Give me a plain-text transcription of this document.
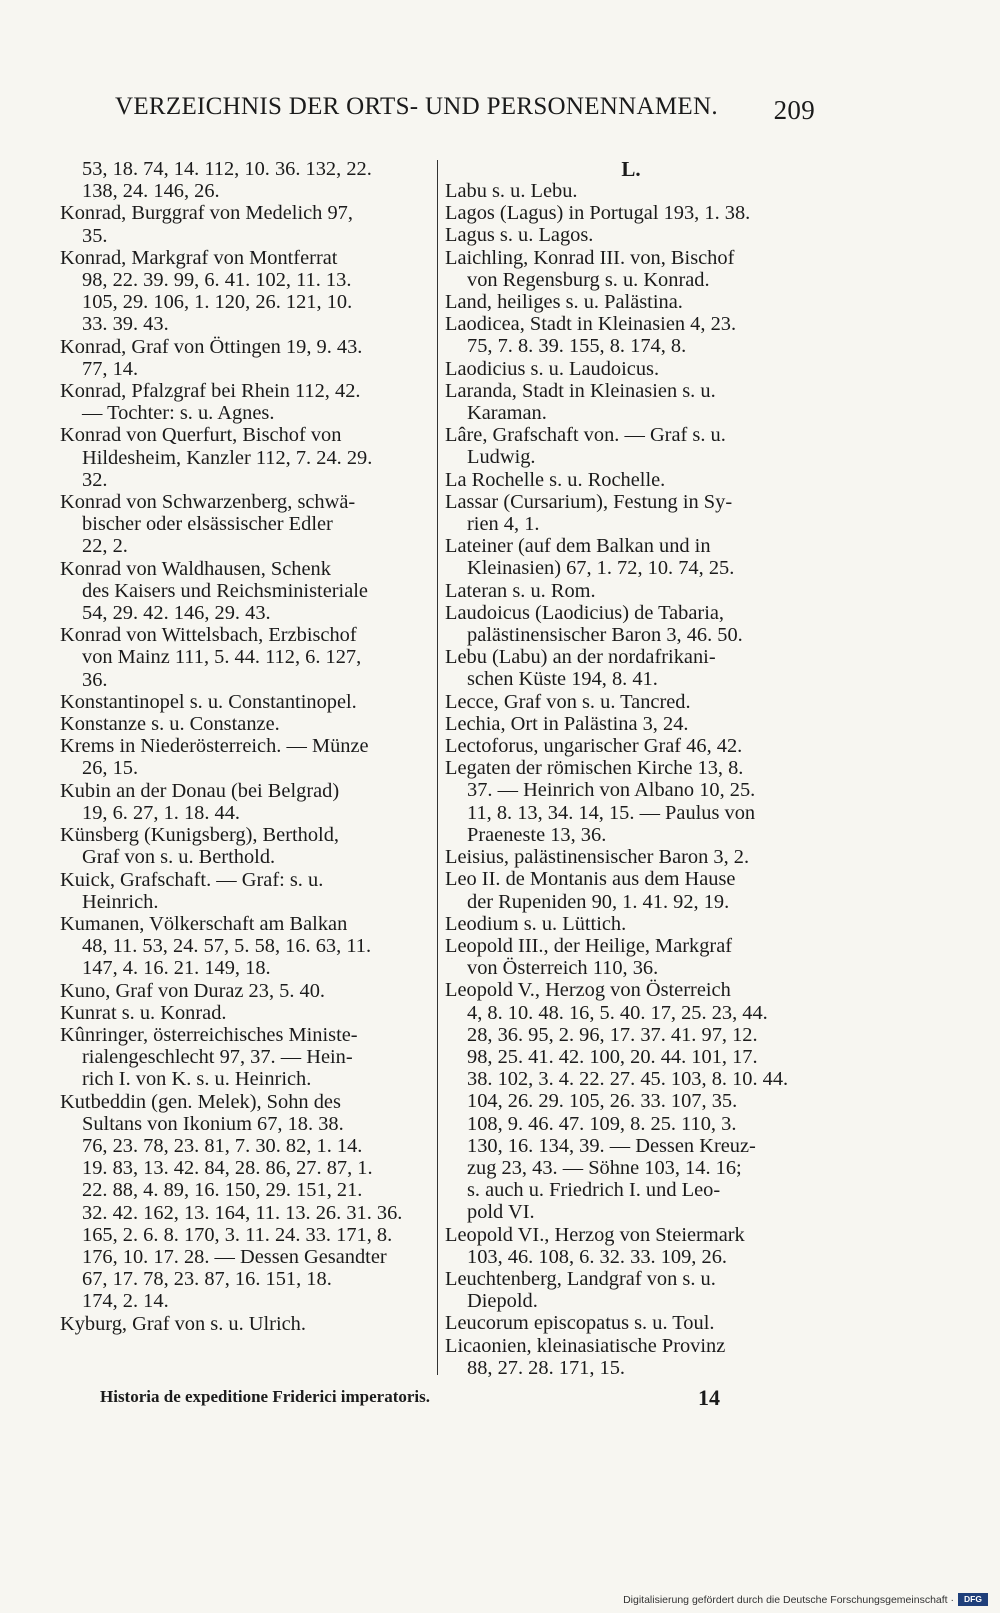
VERZEICHNIS DER ORTS- UND PERSONENNAMEN. 209
53, 18. 74, 14. 112, 10. 36. 132, 22.
138, 24. 146, 26.
Konrad, Burggraf von Medelich 97,
35.
Konrad, Markgraf von Montferrat
98, 22. 39. 99, 6. 41. 102, 11. 13.
105, 29. 106, 1. 120, 26. 121, 10.
33. 39. 43.
Konrad, Graf von Öttingen 19, 9. 43.
77, 14.
Konrad, Pfalzgraf bei Rhein 112, 42.
— Tochter: s. u. Agnes.
Konrad von Querfurt, Bischof von
Hildesheim, Kanzler 112, 7. 24. 29.
32.
Konrad von Schwarzenberg, schwä-
bischer oder elsässischer Edler
22, 2.
Konrad von Waldhausen, Schenk
des Kaisers und Reichsministeriale
54, 29. 42. 146, 29. 43.
Konrad von Wittelsbach, Erzbischof
von Mainz 111, 5. 44. 112, 6. 127,
36.
Konstantinopel s. u. Constantinopel.
Konstanze s. u. Constanze.
Krems in Niederösterreich. — Münze
26, 15.
Kubin an der Donau (bei Belgrad)
19, 6. 27, 1. 18. 44.
Künsberg (Kunigsberg), Berthold,
Graf von s. u. Berthold.
Kuick, Grafschaft. — Graf: s. u.
Heinrich.
Kumanen, Völkerschaft am Balkan
48, 11. 53, 24. 57, 5. 58, 16. 63, 11.
147, 4. 16. 21. 149, 18.
Kuno, Graf von Duraz 23, 5. 40.
Kunrat s. u. Konrad.
Kûnringer, österreichisches Ministe-
rialengeschlecht 97, 37. — Hein-
rich I. von K. s. u. Heinrich.
Kutbeddin (gen. Melek), Sohn des
Sultans von Ikonium 67, 18. 38.
76, 23. 78, 23. 81, 7. 30. 82, 1. 14.
19. 83, 13. 42. 84, 28. 86, 27. 87, 1.
22. 88, 4. 89, 16. 150, 29. 151, 21.
32. 42. 162, 13. 164, 11. 13. 26. 31. 36.
165, 2. 6. 8. 170, 3. 11. 24. 33. 171, 8.
176, 10. 17. 28. — Dessen Gesandter
67, 17. 78, 23. 87, 16. 151, 18.
174, 2. 14.
Kyburg, Graf von s. u. Ulrich.
L.
Labu s. u. Lebu.
Lagos (Lagus) in Portugal 193, 1. 38.
Lagus s. u. Lagos.
Laichling, Konrad III. von, Bischof
von Regensburg s. u. Konrad.
Land, heiliges s. u. Palästina.
Laodicea, Stadt in Kleinasien 4, 23.
75, 7. 8. 39. 155, 8. 174, 8.
Laodicius s. u. Laudoicus.
Laranda, Stadt in Kleinasien s. u.
Karaman.
Lâre, Grafschaft von. — Graf s. u.
Ludwig.
La Rochelle s. u. Rochelle.
Lassar (Cursarium), Festung in Sy-
rien 4, 1.
Lateiner (auf dem Balkan und in
Kleinasien) 67, 1. 72, 10. 74, 25.
Lateran s. u. Rom.
Laudoicus (Laodicius) de Tabaria,
palästinensischer Baron 3, 46. 50.
Lebu (Labu) an der nordafrikani-
schen Küste 194, 8. 41.
Lecce, Graf von s. u. Tancred.
Lechia, Ort in Palästina 3, 24.
Lectoforus, ungarischer Graf 46, 42.
Legaten der römischen Kirche 13, 8.
37. — Heinrich von Albano 10, 25.
11, 8. 13, 34. 14, 15. — Paulus von
Praeneste 13, 36.
Leisius, palästinensischer Baron 3, 2.
Leo II. de Montanis aus dem Hause
der Rupeniden 90, 1. 41. 92, 19.
Leodium s. u. Lüttich.
Leopold III., der Heilige, Markgraf
von Österreich 110, 36.
Leopold V., Herzog von Österreich
4, 8. 10. 48. 16, 5. 40. 17, 25. 23, 44.
28, 36. 95, 2. 96, 17. 37. 41. 97, 12.
98, 25. 41. 42. 100, 20. 44. 101, 17.
38. 102, 3. 4. 22. 27. 45. 103, 8. 10. 44.
104, 26. 29. 105, 26. 33. 107, 35.
108, 9. 46. 47. 109, 8. 25. 110, 3.
130, 16. 134, 39. — Dessen Kreuz-
zug 23, 43. — Söhne 103, 14. 16;
s. auch u. Friedrich I. und Leo-
pold VI.
Leopold VI., Herzog von Steiermark
103, 46. 108, 6. 32. 33. 109, 26.
Leuchtenberg, Landgraf von s. u.
Diepold.
Leucorum episcopatus s. u. Toul.
Licaonien, kleinasiatische Provinz
88, 27. 28. 171, 15.
Historia de expeditione Friderici imperatoris.	14
Digitalisierung gefördert durch die Deutsche Forschungsgemeinschaft ·	DFG
